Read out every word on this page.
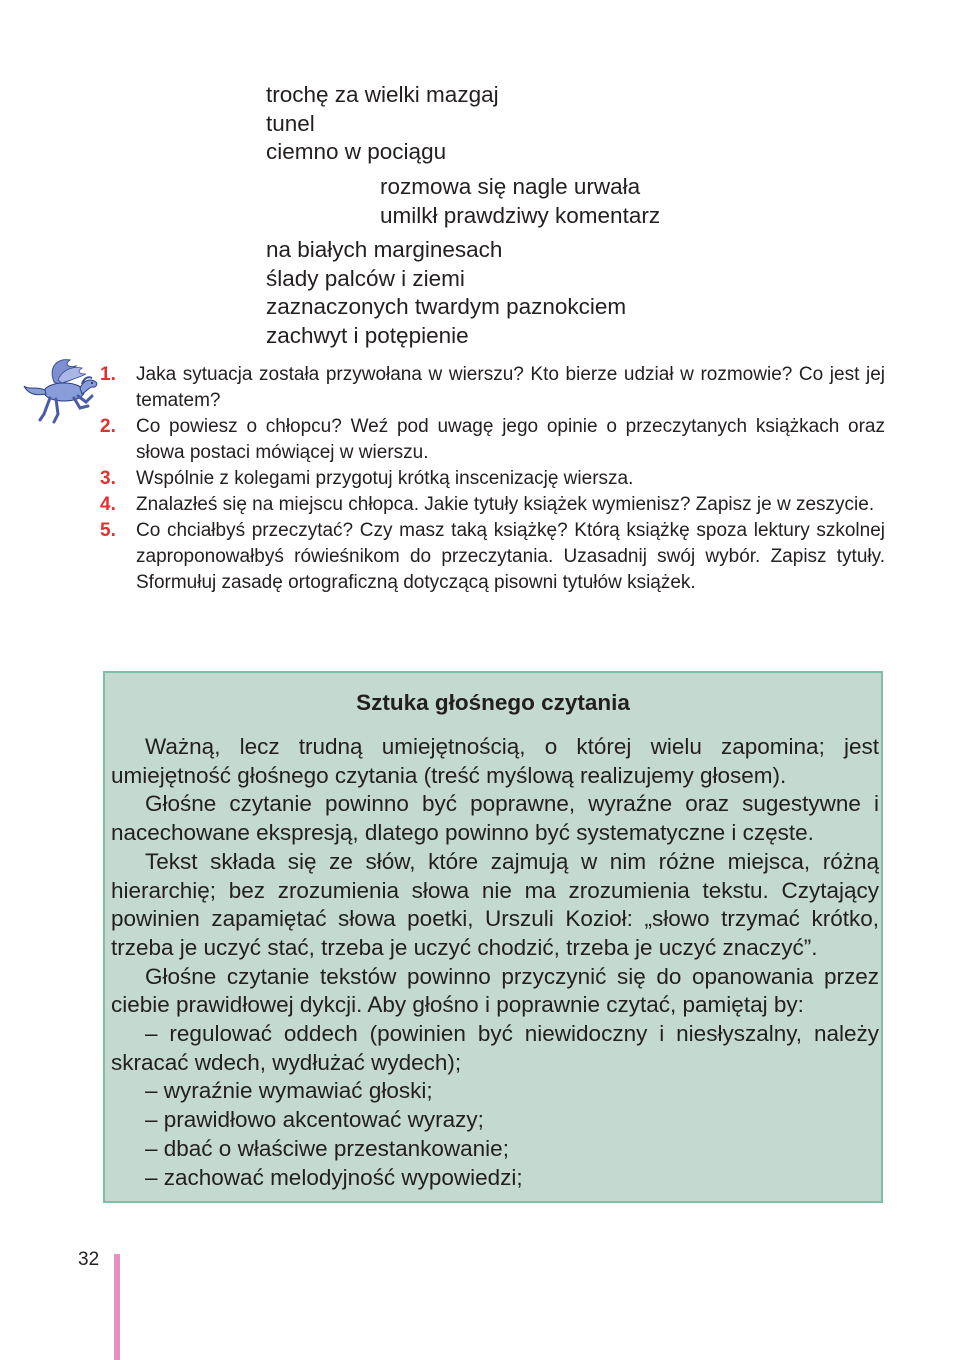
trochę za wielki mazgaj
tunel
ciemno w pociągu
rozmowa się nagle urwała
umilkł prawdziwy komentarz
na białych marginesach
ślady palców i ziemi
zaznaczonych twardym paznokciem
zachwyt i potępienie
1.	Jaka sytuacja została przywołana w wierszu? Kto bierze udział w rozmowie? Co jest jej tematem?
2.	Co powiesz o chłopcu? Weź pod uwagę jego opinie o przeczytanych książkach oraz słowa postaci mówiącej w wierszu.
3.	Wspólnie z kolegami przygotuj krótką inscenizację wiersza.
4.	Znalazłeś się na miejscu chłopca. Jakie tytuły książek wymienisz? Zapisz je w zeszycie.
5.	Co chciałbyś przeczytać? Czy masz taką książkę? Którą książkę spoza lektury szkolnej zaproponowałbyś rówieśnikom do przeczytania. Uzasadnij swój wybór. Zapisz tytuły. Sformułuj zasadę ortograficzną dotyczącą pisowni tytułów książek.
Sztuka głośnego czytania

Ważną, lecz trudną umiejętnością, o której wielu zapomina; jest umiejętność głośnego czytania (treść myślową realizujemy głosem).

Głośne czytanie powinno być poprawne, wyraźne oraz sugestywne i nacechowane ekspresją, dlatego powinno być systematyczne i częste.

Tekst składa się ze słów, które zajmują w nim różne miejsca, różną hierarchię; bez zrozumienia słowa nie ma zrozumienia tekstu. Czytający powinien zapamiętać słowa poetki, Urszuli Kozioł: „słowo trzymać krótko, trzeba je uczyć stać, trzeba je uczyć chodzić, trzeba je uczyć znaczyć”.

Głośne czytanie tekstów powinno przyczynić się do opanowania przez ciebie prawidłowej dykcji. Aby głośno i poprawnie czytać, pamiętaj by:

– regulować oddech (powinien być niewidoczny i niesłyszalny, należy skracać wdech, wydłużać wydech);

– wyraźnie wymawiać głoski;

– prawidłowo akcentować wyrazy;

– dbać o właściwe przestankowanie;

– zachować melodyjność wypowiedzi;

32
